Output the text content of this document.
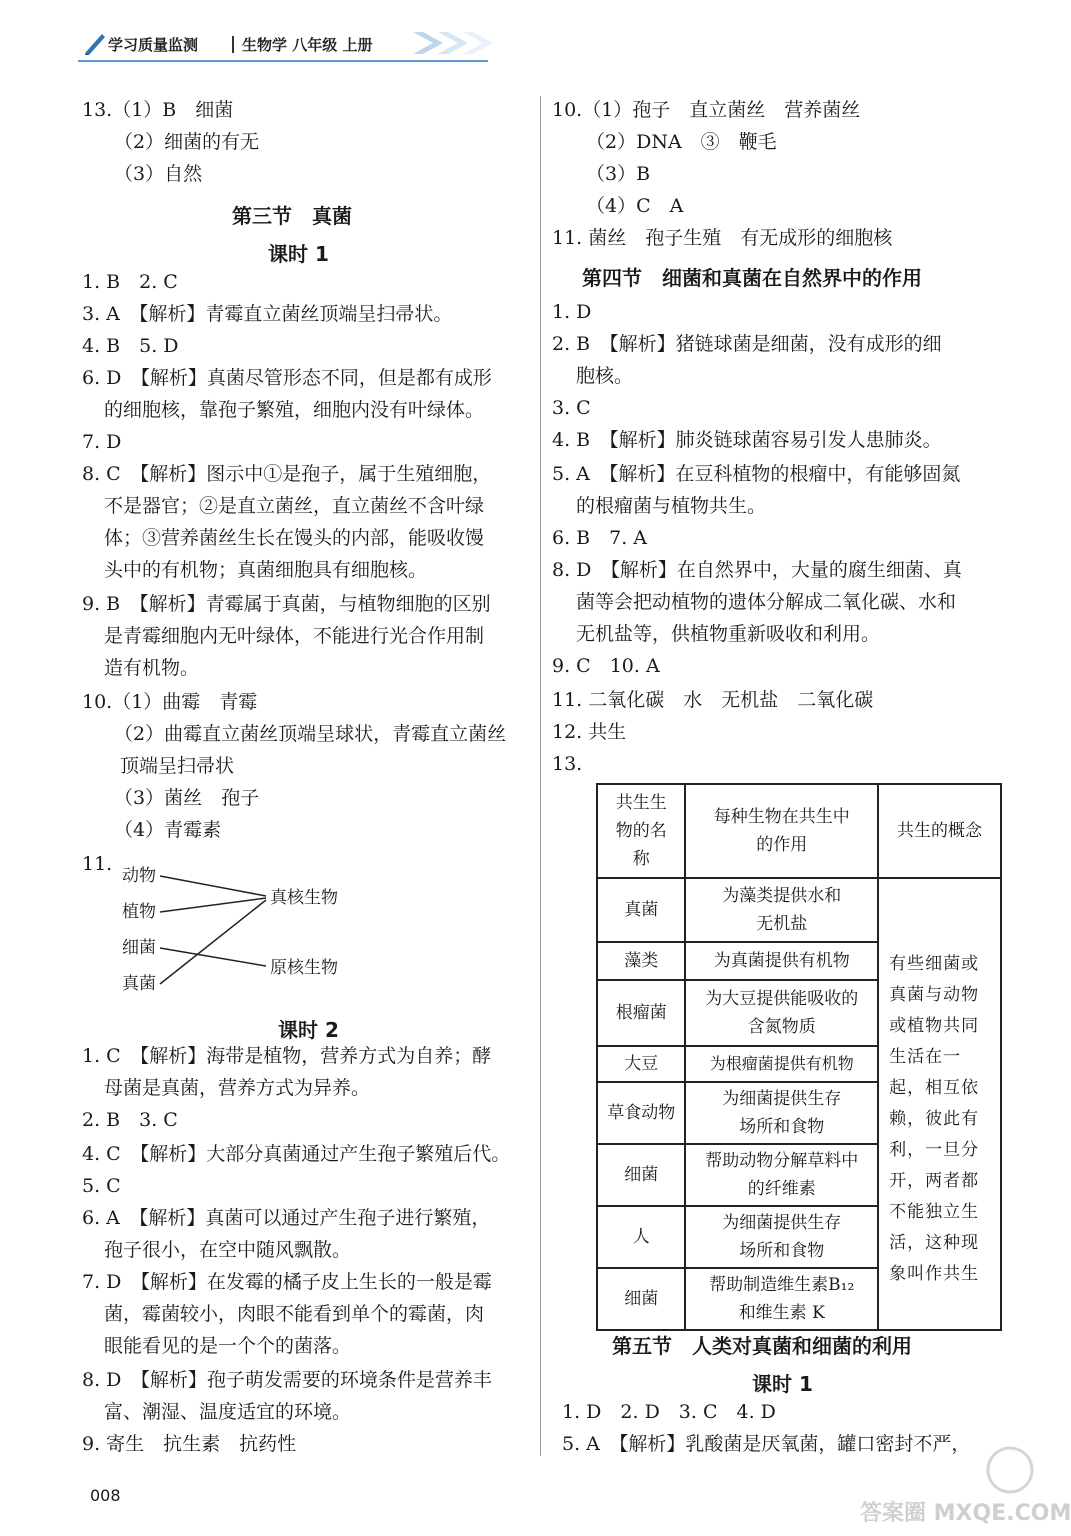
学习质量监测	生物学 八年级 上册
13.（1）B　细菌
（2）细菌的有无
（3）自然
第三节　真菌
课时 1
1. B　2. C
3. A　【解析】青霉直立菌丝顶端呈扫帚状。
4. B　5. D
6. D　【解析】真菌尽管形态不同，但是都有成形
的细胞核，靠孢子繁殖，细胞内没有叶绿体。
7. D
8. C　【解析】图示中①是孢子，属于生殖细胞，
不是器官；②是直立菌丝，直立菌丝不含叶绿
体；③营养菌丝生长在馒头的内部，能吸收馒
头中的有机物；真菌细胞具有细胞核。
9. B　【解析】青霉属于真菌，与植物细胞的区别
是青霉细胞内无叶绿体，不能进行光合作用制
造有机物。
10.（1）曲霉　青霉
（2）曲霉直立菌丝顶端呈球状，青霉直立菌丝
顶端呈扫帚状
（3）菌丝　孢子
（4）青霉素
11.
动物
植物
细菌
真菌
真核生物
原核生物
课时 2
1. C　【解析】海带是植物，营养方式为自养；酵
母菌是真菌，营养方式为异养。
2. B　3. C
4. C　【解析】大部分真菌通过产生孢子繁殖后代。
5. C
6. A　【解析】真菌可以通过产生孢子进行繁殖，
孢子很小，在空中随风飘散。
7. D　【解析】在发霉的橘子皮上生长的一般是霉
菌，霉菌较小，肉眼不能看到单个的霉菌，肉
眼能看见的是一个个的菌落。
8. D　【解析】孢子萌发需要的环境条件是营养丰
富、潮湿、温度适宜的环境。
9. 寄生　抗生素　抗药性
10.（1）孢子　直立菌丝　营养菌丝
（2）DNA　③　鞭毛
（3）B
（4）C　A
11. 菌丝　孢子生殖　有无成形的细胞核
第四节　细菌和真菌在自然界中的作用
1. D
2. B　【解析】猪链球菌是细菌，没有成形的细
胞核。
3. C
4. B　【解析】肺炎链球菌容易引发人患肺炎。
5. A　【解析】在豆科植物的根瘤中，有能够固氮
的根瘤菌与植物共生。
6. B　7. A
8. D　【解析】在自然界中，大量的腐生细菌、真
菌等会把动植物的遗体分解成二氧化碳、水和
无机盐等，供植物重新吸收和利用。
9. C　10. A
11. 二氧化碳　水　无机盐　二氧化碳
12. 共生
13.
共生生物的名称	每种生物在共生中的作用	共生的概念
真菌	为藻类提供水和无机盐	有些细菌或真菌与动物或植物共同生活在一起，相互依赖，彼此有利，一旦分开，两者都不能独立生活，这种现象叫作共生
藻类	为真菌提供有机物	
根瘤菌	为大豆提供能吸收的含氮物质	
大豆	为根瘤菌提供有机物	
草食动物	为细菌提供生存场所和食物	
细菌	帮助动物分解草料中的纤维素	
人	为细菌提供生存场所和食物	
细菌	帮助制造维生素B₁₂和维生素 K	
第五节　人类对真菌和细菌的利用
课时 1
1. D　2. D　3. C　4. D
5. A　【解析】乳酸菌是厌氧菌，罐口密封不严，
008
答案圈 MXQE.COM
